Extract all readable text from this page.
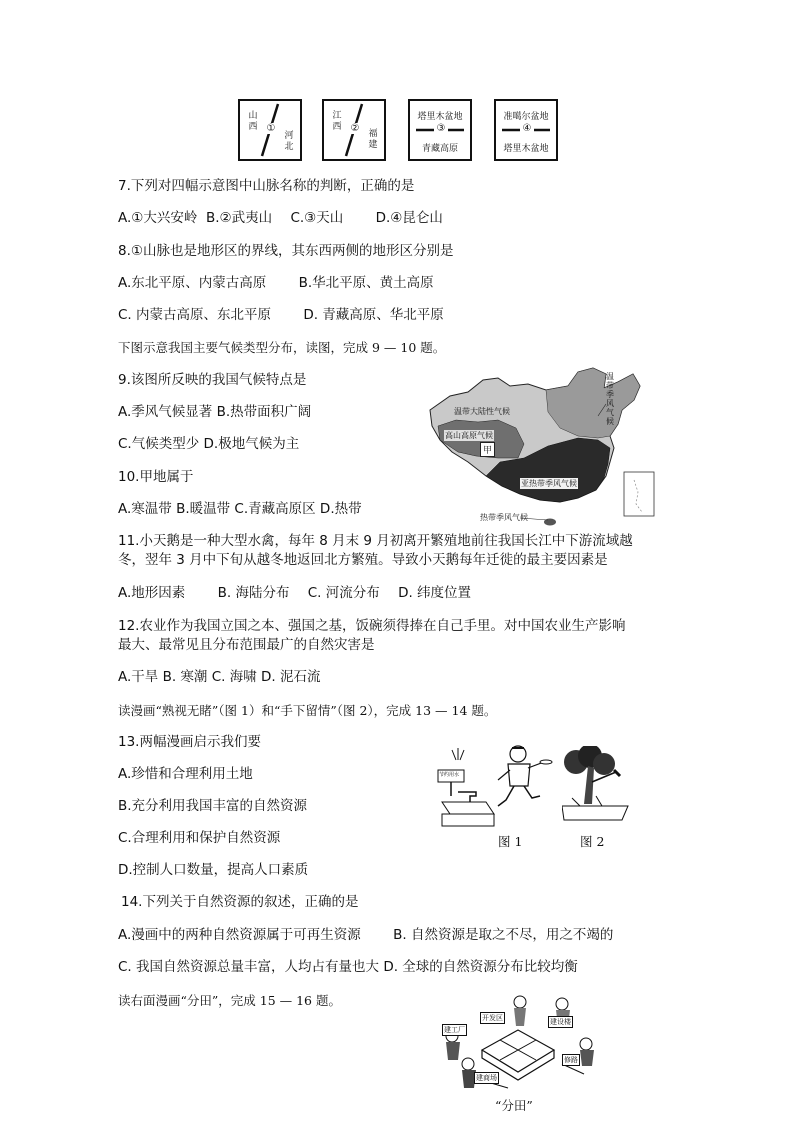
山西 ①
河北
江西 ② 福建
塔里木盆地
③
青藏高原
准噶尔盆地
④
塔里木盆地
7.下列对四幅示意图中山脉名称的判断，正确的是
A.①大兴安岭 B.②武夷山 C.③天山 D.④昆仑山
8.①山脉也是地形区的界线，其东西两侧的地形区分别是
A.东北平原、内蒙古高原 B.华北平原、黄土高原
C. 内蒙古高原、东北平原 D. 青藏高原、华北平原
下图示意我国主要气候类型分布，读图，完成 9 — 10 题。
9.该图所反映的我国气候特点是
A.季风气候显著 B.热带面积广阔
C.气候类型少 D.极地气候为主
10.甲地属于
A.寒温带 B.暖温带 C.青藏高原区 D.热带
温带季风气候
温带大陆性气候
高山高原气候
甲
亚热带季风气候
热带季风气候
11.小天鹅是一种大型水禽，每年 8 月末 9 月初离开繁殖地前往我国长江中下游流域越
冬，翌年 3 月中下旬从越冬地返回北方繁殖。导致小天鹅每年迁徙的最主要因素是
A.地形因素 B. 海陆分布 C. 河流分布 D. 纬度位置
12.农业作为我国立国之本、强国之基，饭碗须得捧在自己手里。对中国农业生产影响
最大、最常见且分布范围最广的自然灾害是
A.干旱 B. 寒潮 C. 海啸 D. 泥石流
读漫画“熟视无睹”（图 1）和“手下留情”（图 2），完成 13 — 14 题。
13.两幅漫画启示我们要
A.珍惜和合理利用土地
B.充分利用我国丰富的自然资源
C.合理利用和保护自然资源
D.控制人口数量，提高人口素质
节约用水
图 1	图 2
14.下列关于自然资源的叙述，正确的是
A.漫画中的两种自然资源属于可再生资源 B. 自然资源是取之不尽，用之不竭的
C. 我国自然资源总量丰富，人均占有量也大 D. 全球的自然资源分布比较均衡
读右面漫画“分田”，完成 15 — 16 题。
开发区	建设楼
建工厂
修路
建商场
“分田”
